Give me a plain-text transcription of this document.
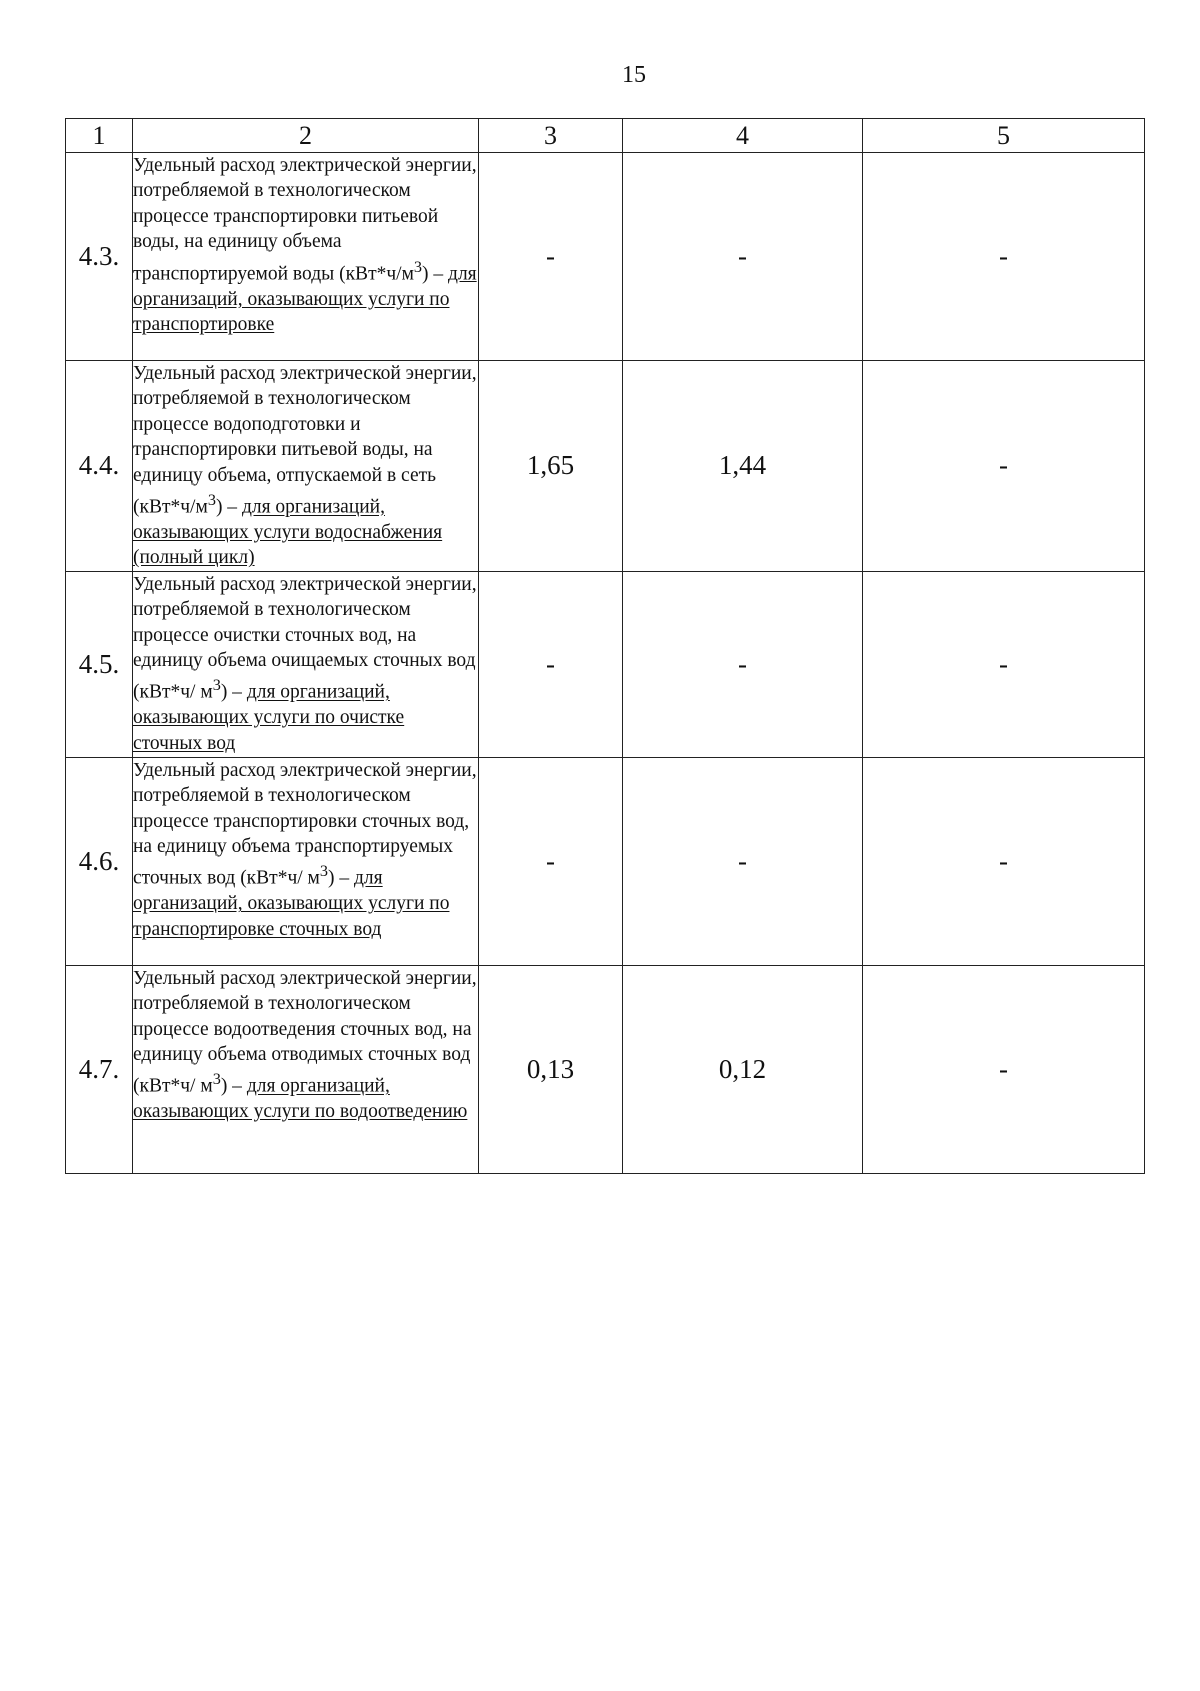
15
1	2	3	4	5
4.3.	Удельный расход электрической энергии, потребляемой в технологическом процессе транспортировки питьевой воды, на единицу объема транспортируемой воды $(кВт*ч/м^3)$ – для организаций, оказывающих услуги по транспортировке	-	-	-
4.4.	Удельный расход электрической энергии, потребляемой в технологическом процессе водоподготовки и транспортировки питьевой воды, на единицу объема, отпускаемой в сеть $(кВт*ч/м^3)$ – для организаций, оказывающих услуги водоснабжения (полный цикл)	1,65	1,44	-
4.5.	Удельный расход электрической энергии, потребляемой в технологическом процессе очистки сточных вод, на единицу объема очищаемых сточных вод (кВт*ч/ $м^3$) – для организаций, оказывающих услуги по очистке сточных вод	-	-	-
4.6.	Удельный расход электрической энергии, потребляемой в технологическом процессе транспортировки сточных вод, на единицу объема транспортируемых сточных вод (кВт*ч/ $м^3$) – для организаций, оказывающих услуги по транспортировке сточных вод	-	-	-
4.7.	Удельный расход электрической энергии, потребляемой в технологическом процессе водоотведения сточных вод, на единицу объема отводимых сточных вод (кВт*ч/ $м^3$) – для организаций, оказывающих услуги по водоотведению	0,13	0,12	-
